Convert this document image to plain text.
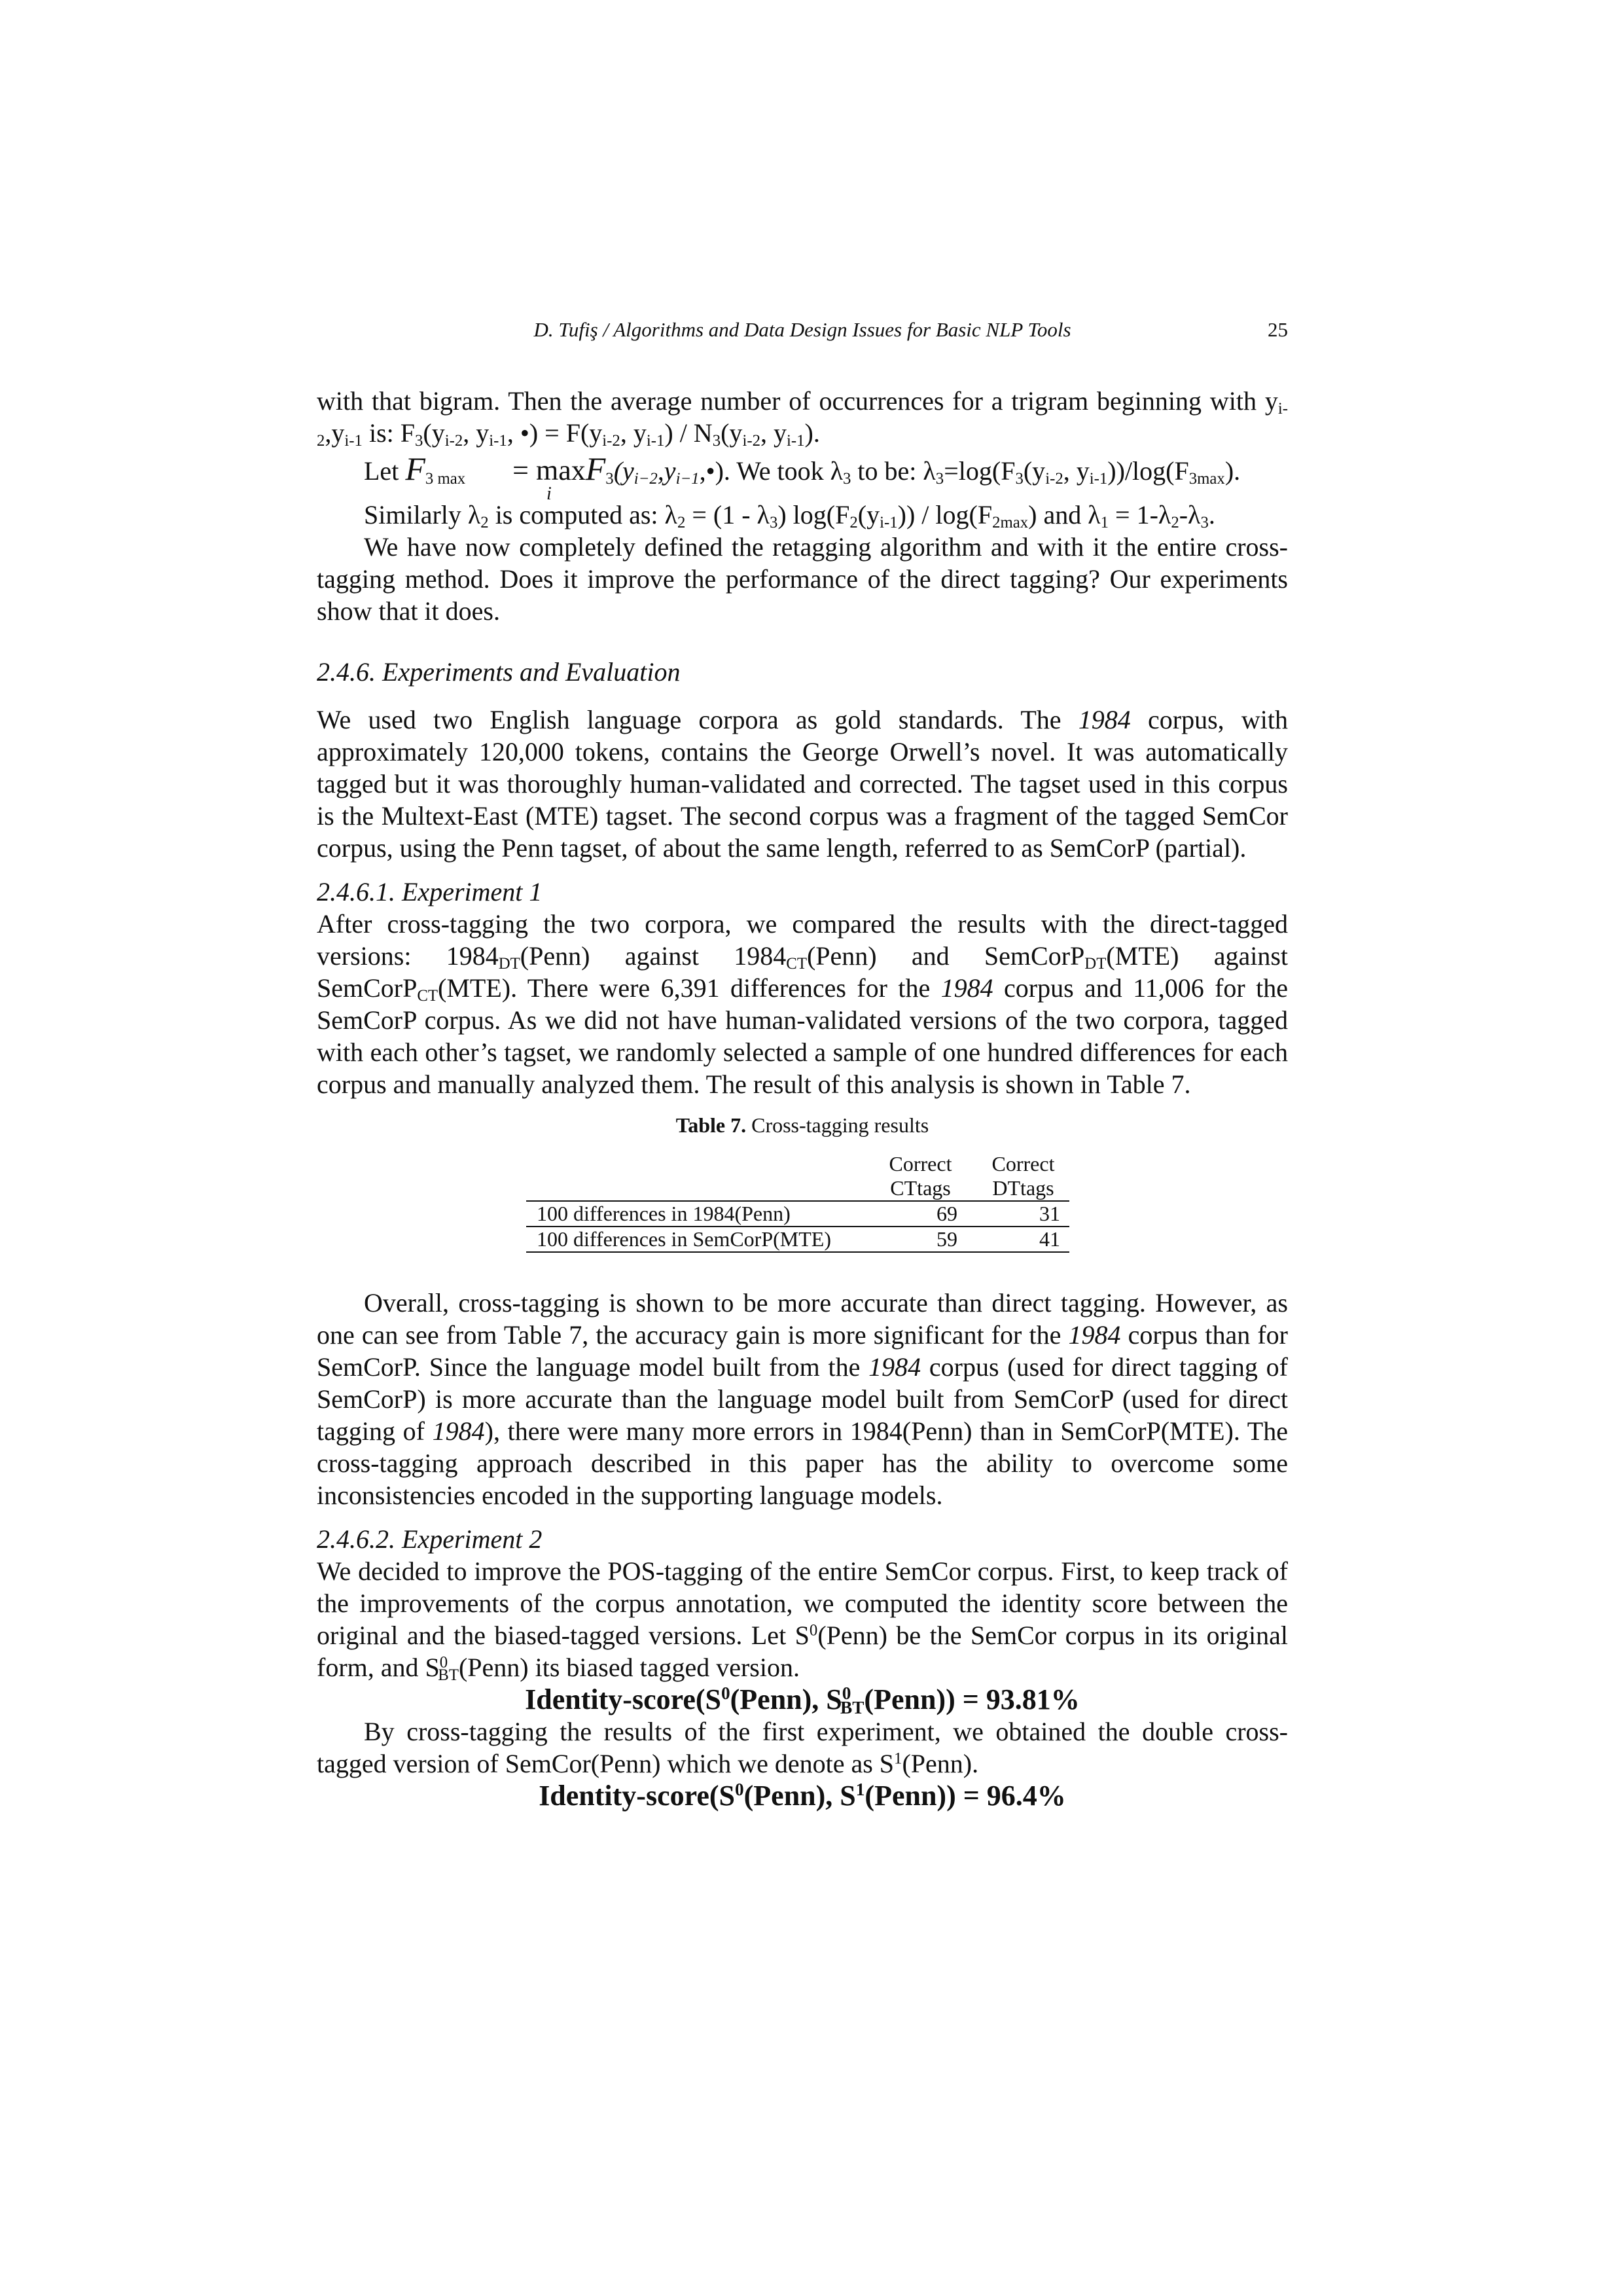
D. Tufiş / Algorithms and Data Design Issues for Basic NLP Tools	25

with that bigram. Then the average number of occurrences for a trigram beginning with $y_{i-2},y_{i-1}$ is: $F_3(y_{i-2}$, $y_{i-1}$, •) = $F(y_{i-2}$, $y_{i-1}) / N_3(y_{i-2}$, $y_{i-1}$).

Let $F_{3 max}= \max$
i
$F_3(y_{i-2},y_{i-1},•)$. We took $\lambda_3$ to be: $\lambda_3=\log(F_3(y_{i-2}$, $y_{i-1}))/\log(F_{3max})$.

Similarly $\lambda_2$ is computed as: $\lambda_2 = (1 - \lambda_3)$ $\log(F_2(y_{i-1})) / \log(F_{2max})$ and $\lambda_1 = 1-\lambda_2-\lambda_3$.

We have now completely defined the retagging algorithm and with it the entire cross-tagging method. Does it improve the performance of the direct tagging? Our experiments show that it does.

2.4.6. Experiments and Evaluation

We used two English language corpora as gold standards. The 1984 corpus, with approximately 120,000 tokens, contains the George Orwell’s novel. It was automatically tagged but it was thoroughly human-validated and corrected. The tagset used in this corpus is the Multext-East (MTE) tagset. The second corpus was a fragment of the tagged SemCor corpus, using the Penn tagset, of about the same length, referred to as SemCorP (partial).

2.4.6.1. Experiment 1

After cross-tagging the two corpora, we compared the results with the direct-tagged versions: $1984_{DT}(Penn)$ against $1984_{CT}(Penn)$ and SemCorP$_{DT}$(MTE) against SemCorP$_{CT}$(MTE). There were 6,391 differences for the 1984 corpus and 11,006 for the SemCorP corpus. As we did not have human-validated versions of the two corpora, tagged with each other’s tagset, we randomly selected a sample of one hundred differences for each corpus and manually analyzed them. The result of this analysis is shown in Table 7.

Table 7. Cross-tagging results
	Correct	Correct
	CTtags	DTtags
100 differences in 1984(Penn)	69	31
100 differences in SemCorP(MTE)	59	41

Overall, cross-tagging is shown to be more accurate than direct tagging. However, as one can see from Table 7, the accuracy gain is more significant for the 1984 corpus than for SemCorP. Since the language model built from the 1984 corpus (used for direct tagging of SemCorP) is more accurate than the language model built from SemCorP (used for direct tagging of 1984), there were many more errors in 1984(Penn) than in SemCorP(MTE). The cross-tagging approach described in this paper has the ability to overcome some inconsistencies encoded in the supporting language models.

2.4.6.2. Experiment 2

We decided to improve the POS-tagging of the entire SemCor corpus. First, to keep track of the improvements of the corpus annotation, we computed the identity score between the original and the biased-tagged versions. Let $S^0(Penn)$ be the SemCor corpus in its original form, and $S^0_{BT}(Penn)$ its biased tagged version.

Identity-$score(S^0(Penn)$, $S^0_{BT}(Penn)) = 93.81\%$

By cross-tagging the results of the first experiment, we obtained the double cross-tagged version of SemCor(Penn) which we denote as $S^1(Penn)$.

Identity-$score(S^0(Penn)$, $S^1(Penn)) = 96.4\%$
